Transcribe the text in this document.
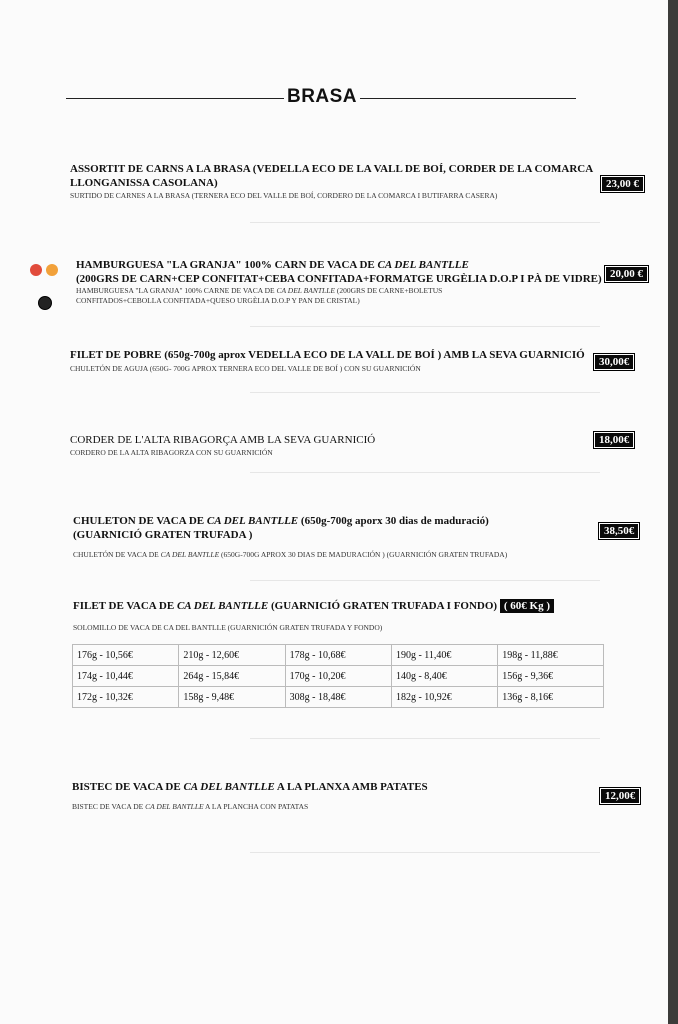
BRASA
ASSORTIT DE CARNS A LA BRASA (VEDELLA ECO DE LA VALL DE BOÍ, CORDER DE LA COMARCA
LLONGANISSA CASOLANA)
SURTIDO DE CARNES A LA BRASA (TERNERA ECO DEL VALLE DE BOÍ, CORDERO DE LA COMARCA I BUTIFARRA CASERA)
23,00 €
HAMBURGUESA "LA GRANJA" 100% CARN DE VACA DE CA DEL BANTLLE
(200GRS DE CARN+CEP CONFITAT+CEBA CONFITADA+FORMATGE URGÈLIA D.O.P I PÀ DE VIDRE)
HAMBURGUESA "LA GRANJA" 100% CARNE DE VACA DE CA DEL BANTLLE (200GRS DE CARNE+BOLETUS
CONFITADOS+CEBOLLA CONFITADA+QUESO URGÈLIA D.O.P Y PAN DE CRISTAL)
20,00 €
FILET DE POBRE (650g-700g aprox VEDELLA ECO DE LA VALL DE BOÍ ) AMB LA SEVA GUARNICIÓ
CHULETÓN DE AGUJA (650G- 700G APROX TERNERA ECO DEL VALLE DE BOÍ ) CON SU GUARNICIÓN
30,00€
CORDER DE L'ALTA RIBAGORÇA AMB LA SEVA GUARNICIÓ
CORDERO DE LA ALTA RIBAGORZA CON SU GUARNICIÓN
18,00€
CHULETON DE VACA DE CA DEL BANTLLE (650g-700g aporx 30 dias de maduració)
(GUARNICIÓ GRATEN TRUFADA )
CHULETÓN DE VACA DE CA DEL BANTLLE (650G-700G APROX 30 DIAS DE MADURACIÓN ) (GUARNICIÓN GRATEN TRUFADA)
38,50€
FILET DE VACA DE CA DEL BANTLLE (GUARNICIÓ GRATEN TRUFADA I FONDO) ( 60€ Kg )
SOLOMILLO DE VACA DE CA DEL BANTLLE (GUARNICIÓN GRATEN TRUFADA Y FONDO)
176g - 10,56€	210g - 12,60€	178g - 10,68€	190g - 11,40€	198g - 11,88€
174g - 10,44€	264g - 15,84€	170g - 10,20€	140g - 8,40€	156g - 9,36€
172g - 10,32€	158g - 9,48€	308g - 18,48€	182g - 10,92€	136g - 8,16€
BISTEC DE VACA DE CA DEL BANTLLE A LA PLANXA AMB PATATES
BISTEC DE VACA DE CA DEL BANTLLE A LA PLANCHA CON PATATAS
12,00€
